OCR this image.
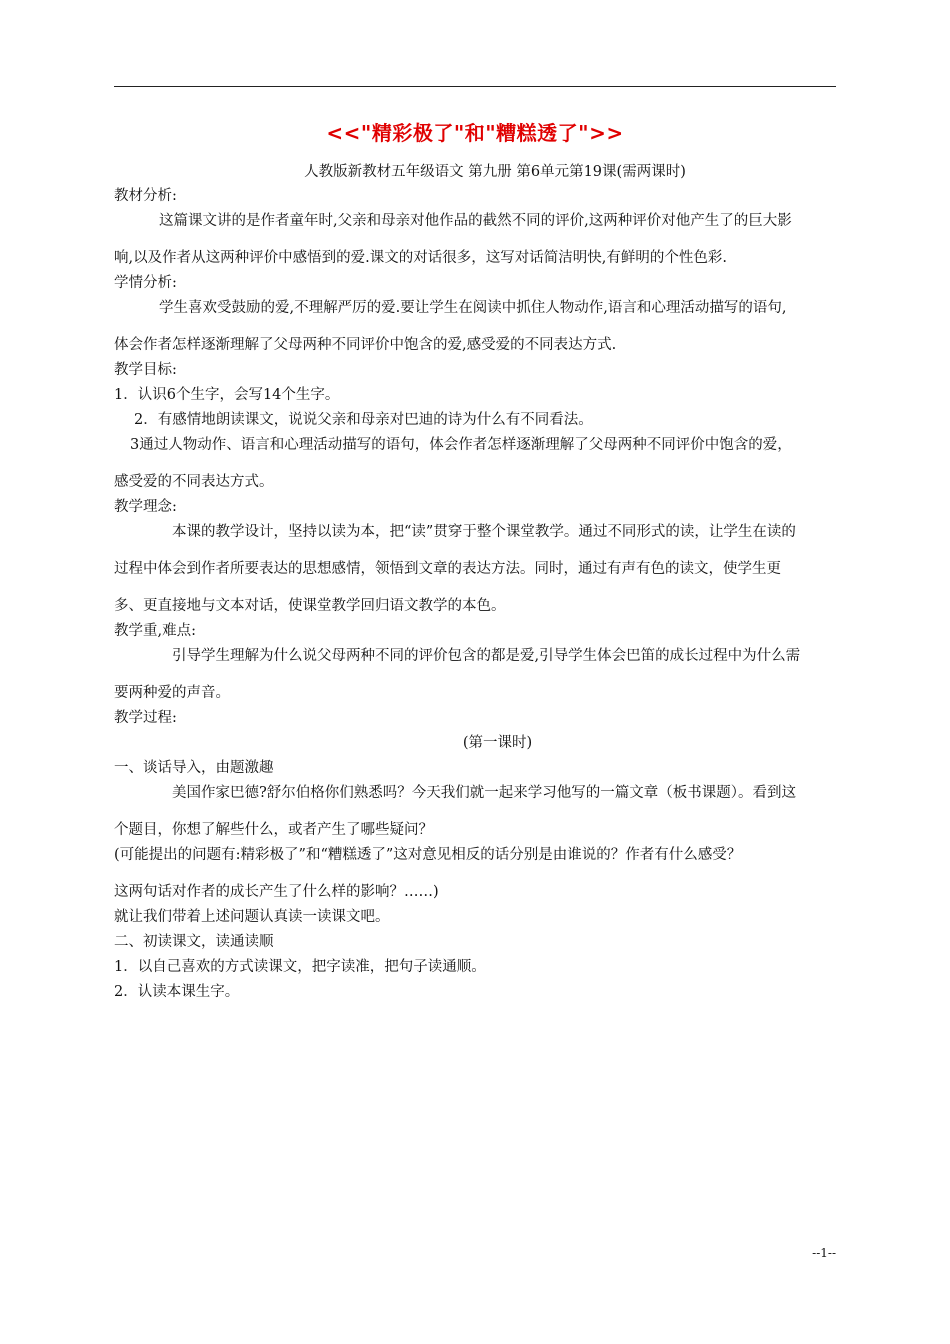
<<"精彩极了"和"糟糕透了">>
人教版新教材五年级语文 第九册 第6单元第19课(需两课时)

教材分析:

这篇课文讲的是作者童年时,父亲和母亲对他作品的截然不同的评价,这两种评价对他产生了的巨大影

响,以及作者从这两种评价中感悟到的爱.课文的对话很多，这写对话简洁明快,有鲜明的个性色彩.

学情分析:

学生喜欢受鼓励的爱,不理解严厉的爱.要让学生在阅读中抓住人物动作,语言和心理活动描写的语句,

体会作者怎样逐渐理解了父母两种不同评价中饱含的爱,感受爱的不同表达方式.

教学目标:

1．认识6个生字，会写14个生字。

2．有感情地朗读课文，说说父亲和母亲对巴迪的诗为什么有不同看法。

3通过人物动作、语言和心理活动描写的语句，体会作者怎样逐渐理解了父母两种不同评价中饱含的爱，

感受爱的不同表达方式。

教学理念:

本课的教学设计，坚持以读为本，把“读”贯穿于整个课堂教学。通过不同形式的读，让学生在读的

过程中体会到作者所要表达的思想感情，领悟到文章的表达方法。同时，通过有声有色的读文，使学生更

多、更直接地与文本对话，使课堂教学回归语文教学的本色。

教学重,难点:

引导学生理解为什么说父母两种不同的评价包含的都是爱,引导学生体会巴笛的成长过程中为什么需

要两种爱的声音。

教学过程:

(第一课时)

一、谈话导入，由题激趣

美国作家巴德?舒尔伯格你们熟悉吗？今天我们就一起来学习他写的一篇文章（板书课题）。看到这

个题目，你想了解些什么，或者产生了哪些疑问？

(可能提出的问题有:精彩极了”和“糟糕透了”这对意见相反的话分别是由谁说的？作者有什么感受？

这两句话对作者的成长产生了什么样的影响？……)

就让我们带着上述问题认真读一读课文吧。

二、初读课文，读通读顺

1．以自己喜欢的方式读课文，把字读准，把句子读通顺。

2．认读本课生字。

--1--
